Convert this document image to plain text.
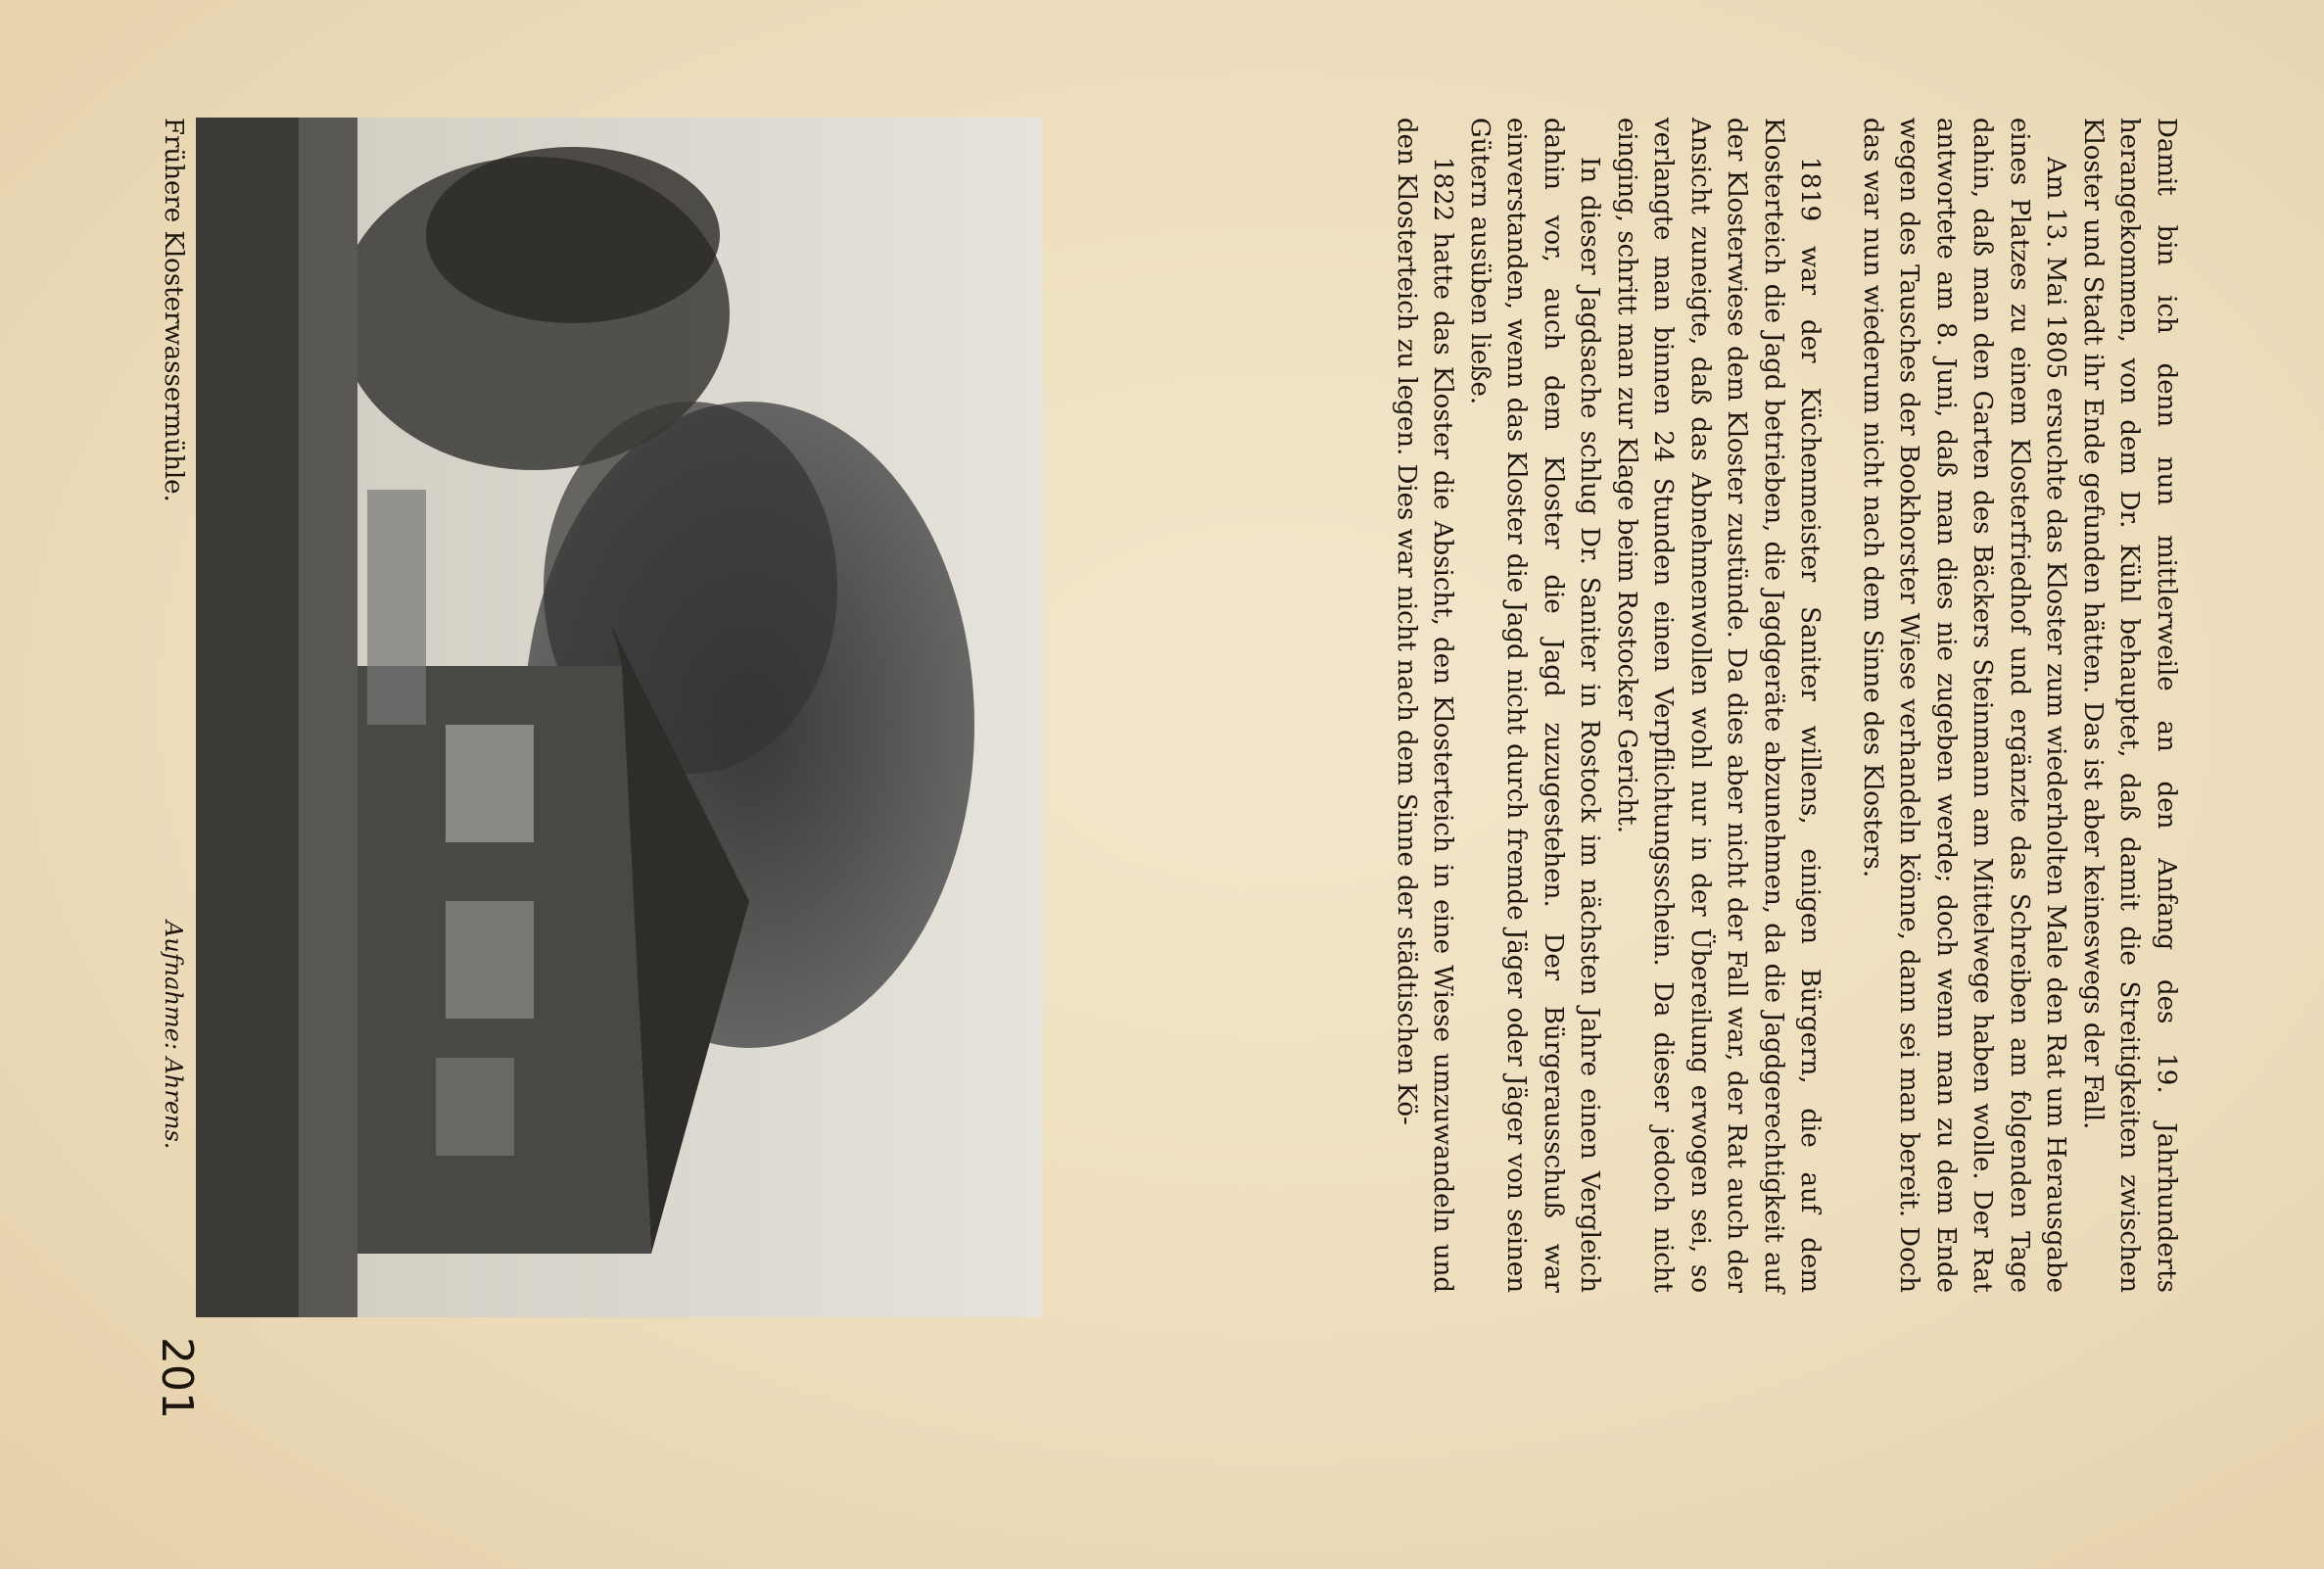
Damit bin ich denn nun mittlerweile an den Anfang des 19. Jahrhunderts herangekommen, von dem Dr. Kühl behauptet, daß damit die Streitigkeiten zwischen Kloster und Stadt ihr Ende gefunden hätten. Das ist aber keineswegs der Fall.

Am 13. Mai 1805 ersuchte das Kloster zum wiederholten Male den Rat um Herausgabe eines Platzes zu einem Klosterfriedhof und ergänzte das Schreiben am folgenden Tage dahin, daß man den Garten des Bäckers Steinmann am Mittelwege haben wolle. Der Rat antwortete am 8. Juni, daß man dies nie zugeben werde; doch wenn man zu dem Ende wegen des Tausches der Bookhorster Wiese verhandeln könne, dann sei man bereit. Doch das war nun wiederum nicht nach dem Sinne des Klosters.

1819 war der Küchenmeister Saniter willens, einigen Bürgern, die auf dem Klosterteich die Jagd betrieben, die Jagdgeräte abzunehmen, da die Jagdgerechtigkeit auf der Klosterwiese dem Kloster zustünde. Da dies aber nicht der Fall war, der Rat auch der Ansicht zuneigte, daß das Abnehmenwollen wohl nur in der Übereilung erwogen sei, so verlangte man binnen 24 Stunden einen Verpflichtungsschein. Da dieser jedoch nicht einging, schritt man zur Klage beim Rostocker Gericht.

In dieser Jagdsache schlug Dr. Saniter in Rostock im nächsten Jahre einen Vergleich dahin vor, auch dem Kloster die Jagd zuzugestehen. Der Bürgerausschuß war einverstanden, wenn das Kloster die Jagd nicht durch fremde Jäger oder Jäger von seinen Gütern ausüben ließe.

1822 hatte das Kloster die Absicht, den Klosterteich in eine Wiese umzuwandeln und den Klosterteich zu legen. Dies war nicht nach dem Sinne der städtischen Kö-

Frühere Klosterwassermühle.
Aufnahme: Ahrens.
201
